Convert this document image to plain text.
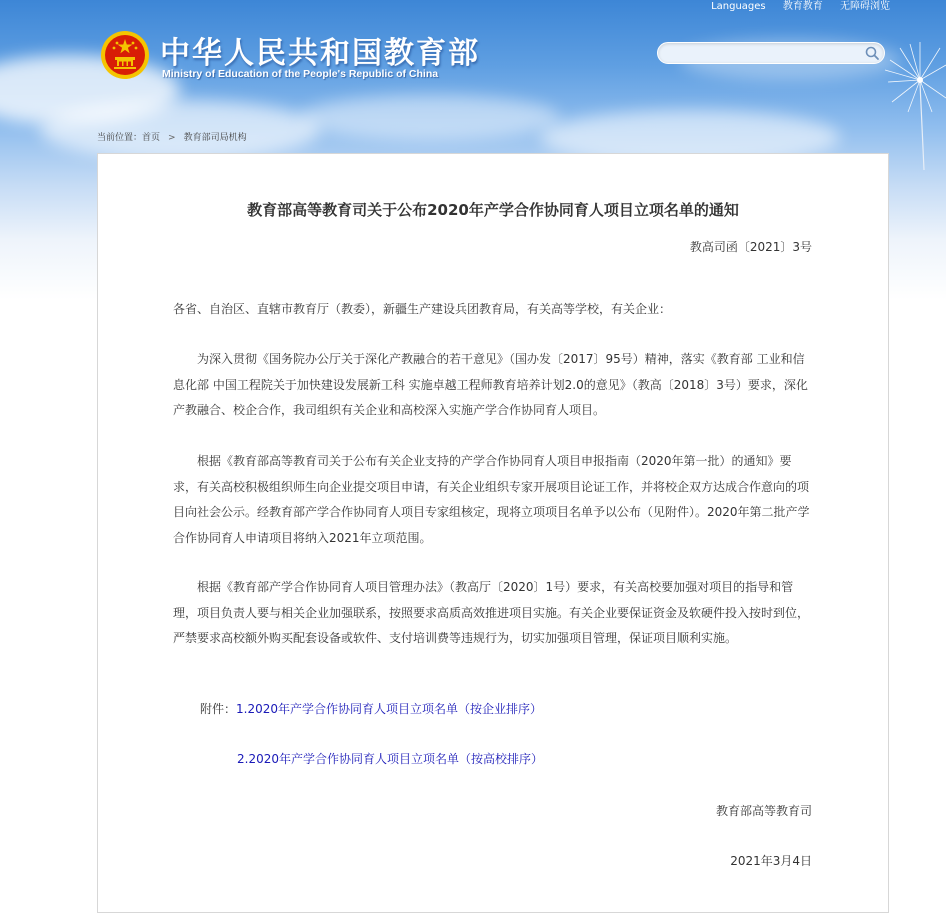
Languages 教育教育 无障碍浏览
中华人民共和国教育部
Ministry of Education of the People's Republic of China
当前位置：首页 > 教育部司局机构
教育部高等教育司关于公布2020年产学合作协同育人项目立项名单的通知
教高司函〔2021〕3号

各省、自治区、直辖市教育厅（教委），新疆生产建设兵团教育局，有关高等学校，有关企业：

为深入贯彻《国务院办公厅关于深化产教融合的若干意见》（国办发〔2017〕95号）精神，落实《教育部 工业和信息化部 中国工程院关于加快建设发展新工科 实施卓越工程师教育培养计划2.0的意见》（教高〔2018〕3号）要求，深化产教融合、校企合作，我司组织有关企业和高校深入实施产学合作协同育人项目。

根据《教育部高等教育司关于公布有关企业支持的产学合作协同育人项目申报指南（2020年第一批）的通知》要求，有关高校积极组织师生向企业提交项目申请，有关企业组织专家开展项目论证工作，并将校企双方达成合作意向的项目向社会公示。经教育部产学合作协同育人项目专家组核定，现将立项项目名单予以公布（见附件）。2020年第二批产学合作协同育人申请项目将纳入2021年立项范围。

根据《教育部产学合作协同育人项目管理办法》（教高厅〔2020〕1号）要求，有关高校要加强对项目的指导和管理，项目负责人要与相关企业加强联系，按照要求高质高效推进项目实施。有关企业要保证资金及软硬件投入按时到位，严禁要求高校额外购买配套设备或软件、支付培训费等违规行为，切实加强项目管理，保证项目顺利实施。

附件：1.2020年产学合作协同育人项目立项名单（按企业排序）
2.2020年产学合作协同育人项目立项名单（按高校排序）
教育部高等教育司
2021年3月4日
